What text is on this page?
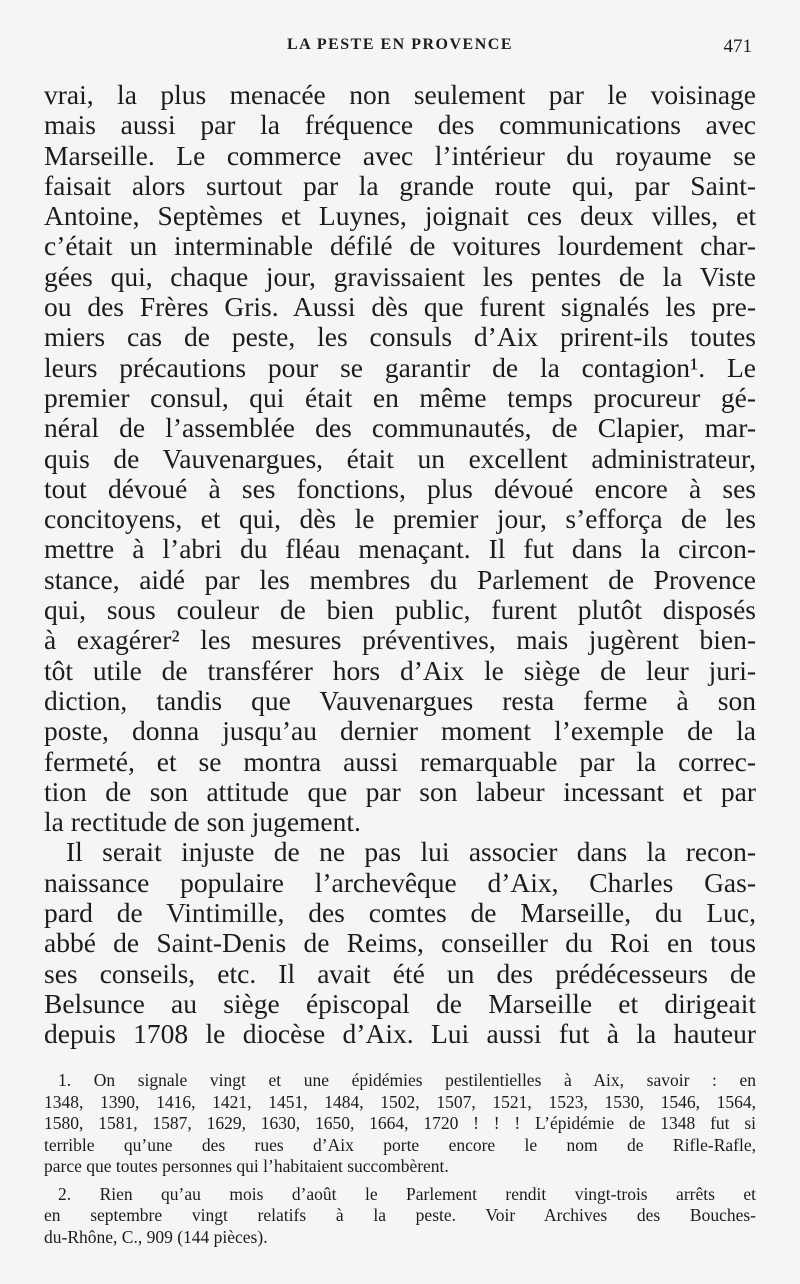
LA PESTE EN PROVENCE	471
vrai, la plus menacée non seulement par le voisinage
mais aussi par la fréquence des communications avec
Marseille. Le commerce avec l’intérieur du royaume se
faisait alors surtout par la grande route qui, par Saint-
Antoine, Septèmes et Luynes, joignait ces deux villes, et
c’était un interminable défilé de voitures lourdement char-
gées qui, chaque jour, gravissaient les pentes de la Viste
ou des Frères Gris. Aussi dès que furent signalés les pre-
miers cas de peste, les consuls d’Aix prirent-ils toutes
leurs précautions pour se garantir de la contagion¹. Le
premier consul, qui était en même temps procureur gé-
néral de l’assemblée des communautés, de Clapier, mar-
quis de Vauvenargues, était un excellent administrateur,
tout dévoué à ses fonctions, plus dévoué encore à ses
concitoyens, et qui, dès le premier jour, s’efforça de les
mettre à l’abri du fléau menaçant. Il fut dans la circon-
stance, aidé par les membres du Parlement de Provence
qui, sous couleur de bien public, furent plutôt disposés
à exagérer² les mesures préventives, mais jugèrent bien-
tôt utile de transférer hors d’Aix le siège de leur juri-
diction, tandis que Vauvenargues resta ferme à son
poste, donna jusqu’au dernier moment l’exemple de la
fermeté, et se montra aussi remarquable par la correc-
tion de son attitude que par son labeur incessant et par
la rectitude de son jugement.
Il serait injuste de ne pas lui associer dans la recon-
naissance populaire l’archevêque d’Aix, Charles Gas-
pard de Vintimille, des comtes de Marseille, du Luc,
abbé de Saint-Denis de Reims, conseiller du Roi en tous
ses conseils, etc. Il avait été un des prédécesseurs de
Belsunce au siège épiscopal de Marseille et dirigeait
depuis 1708 le diocèse d’Aix. Lui aussi fut à la hauteur
1. On signale vingt et une épidémies pestilentielles à Aix, savoir : en
1348, 1390, 1416, 1421, 1451, 1484, 1502, 1507, 1521, 1523, 1530, 1546, 1564,
1580, 1581, 1587, 1629, 1630, 1650, 1664, 1720 ! ! ! L’épidémie de 1348 fut si
terrible qu’une des rues d’Aix porte encore le nom de Rifle-Rafle,
parce que toutes personnes qui l’habitaient succombèrent.
2. Rien qu’au mois d’août le Parlement rendit vingt-trois arrêts et
en septembre vingt relatifs à la peste. Voir Archives des Bouches-
du-Rhône, C., 909 (144 pièces).
